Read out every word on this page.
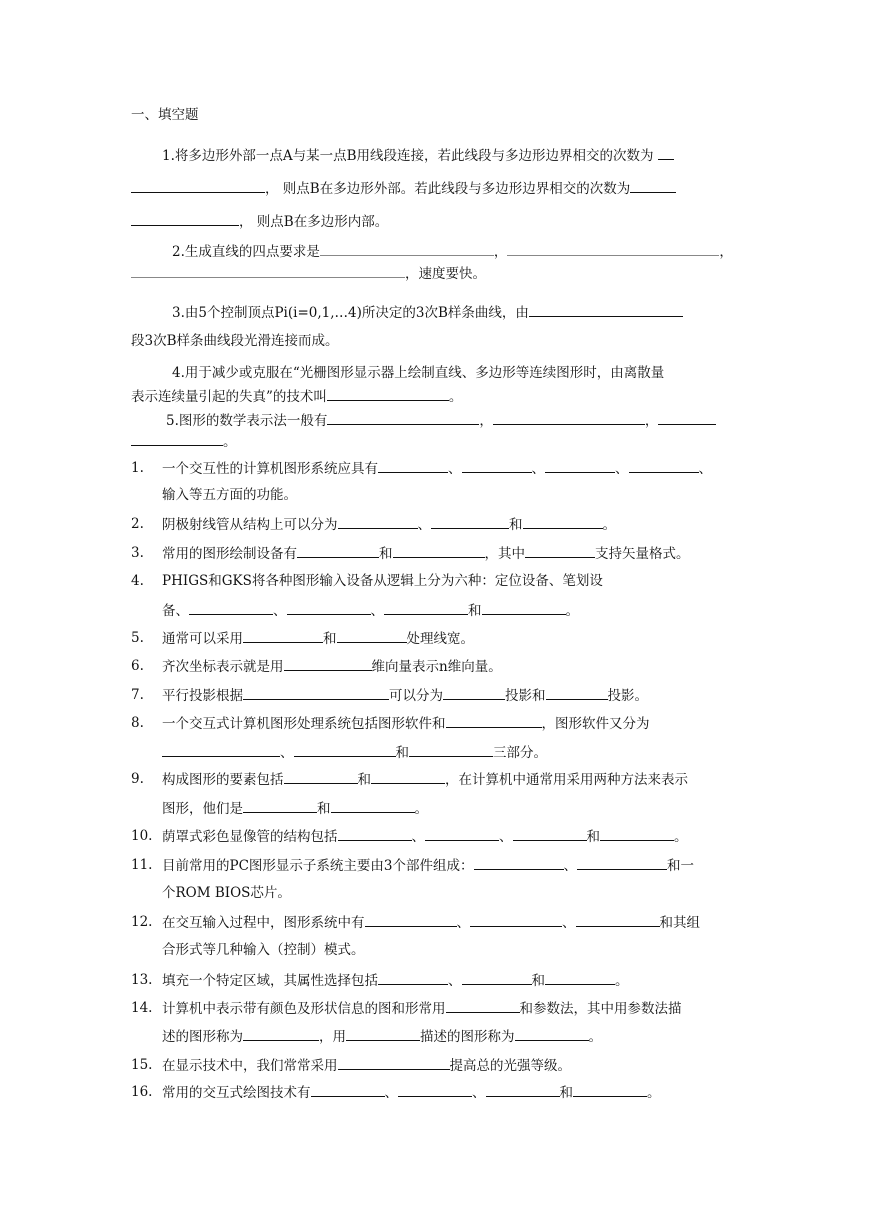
一、填空题
1.将多边形外部一点A与某一点B用线段连接，若此线段与多边形边界相交的次数为
， 则点B在多边形外部。若此线段与多边形边界相交的次数为
， 则点B在多边形内部。
2.生成直线的四点要求是	，	，
，速度要快。
3.由5个控制顶点Pi(i=0,1,…4)所决定的3次B样条曲线，由
段3次B样条曲线段光滑连接而成。
4.用于减少或克服在“光栅图形显示器上绘制直线、多边形等连续图形时，由离散量
表示连续量引起的失真”的技术叫	。
5.图形的数学表示法一般有	，	，
。
1. 一个交互性的计算机图形系统应具有	、	、	、	、
输入等五方面的功能。
2. 阴极射线管从结构上可以分为	、	和	。
3. 常用的图形绘制设备有	和	，其中	支持矢量格式。
4. PHIGS和GKS将各种图形输入设备从逻辑上分为六种：定位设备、笔划设
备、	、	、	和	。
5. 通常可以采用	和	处理线宽。
6. 齐次坐标表示就是用	维向量表示n维向量。
7. 平行投影根据	可以分为	投影和	投影。
8. 一个交互式计算机图形处理系统包括图形软件和	，图形软件又分为
、	和	三部分。
9. 构成图形的要素包括	和	，在计算机中通常用采用两种方法来表示
图形，他们是	和	。
10. 荫罩式彩色显像管的结构包括	、	、	和	。
11. 目前常用的PC图形显示子系统主要由3个部件组成：	、	和一
个ROM BIOS芯片。
12. 在交互输入过程中，图形系统中有	、	、	和其组
合形式等几种输入（控制）模式。
13. 填充一个特定区域，其属性选择包括	、	和	。
14. 计算机中表示带有颜色及形状信息的图和形常用	和参数法，其中用参数法描
述的图形称为	，用	描述的图形称为	。
15. 在显示技术中，我们常常采用	提高总的光强等级。
16. 常用的交互式绘图技术有	、	、	和	。
